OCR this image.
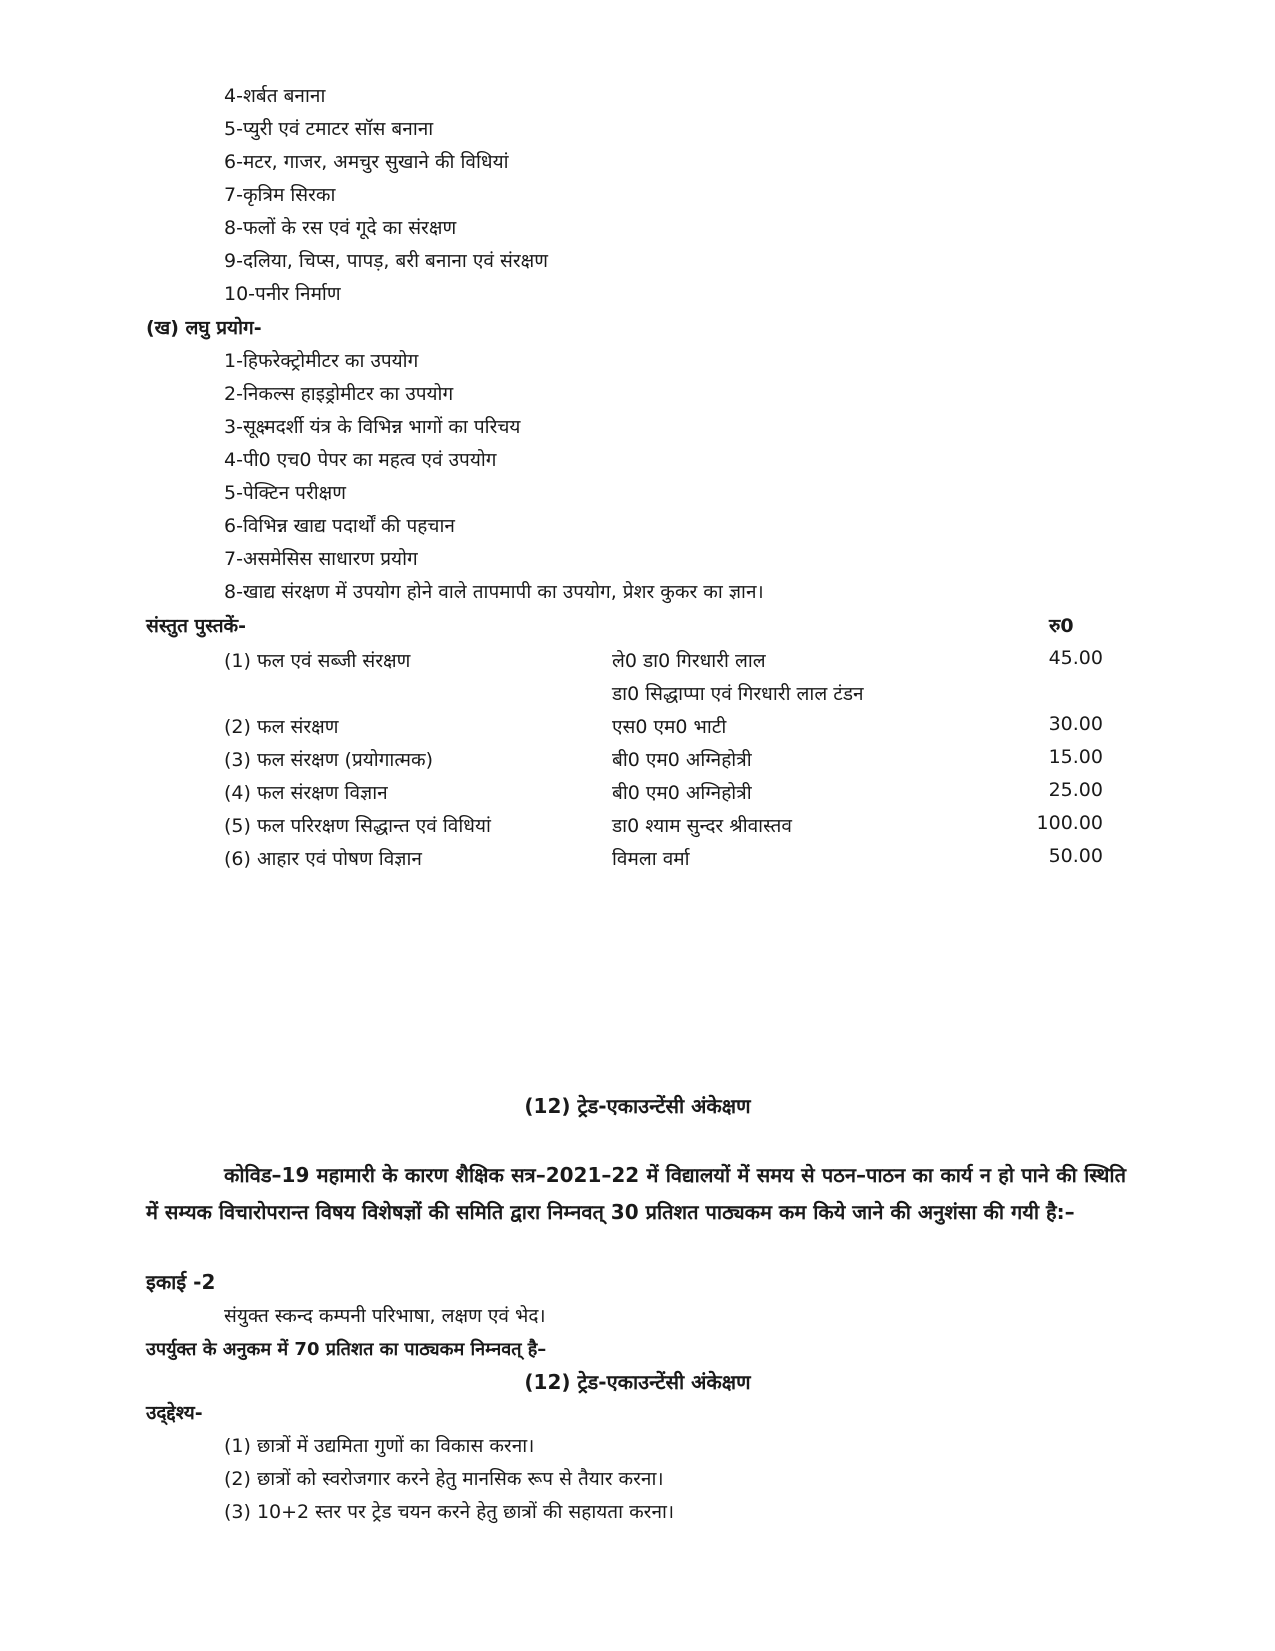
4-शर्बत बनाना
5-प्युरी एवं टमाटर सॉस बनाना
6-मटर, गाजर, अमचुर सुखाने की विधियां
7-कृत्रिम सिरका
8-फलों के रस एवं गूदे का संरक्षण
9-दलिया, चिप्स, पापड़, बरी बनाना एवं संरक्षण
10-पनीर निर्माण
(ख) लघु प्रयोग-
1-हिफरेक्ट्रोमीटर का उपयोग
2-निकल्स हाइड्रोमीटर का उपयोग
3-सूक्ष्मदर्शी यंत्र के विभिन्न भागों का परिचय
4-पी0 एच0 पेपर का महत्व एवं उपयोग
5-पेक्टिन परीक्षण
6-विभिन्न खाद्य पदार्थों की पहचान
7-असमेसिस साधारण प्रयोग
8-खाद्य संरक्षण में उपयोग होने वाले तापमापी का उपयोग, प्रेशर कुकर का ज्ञान।
संस्तुत पुस्तकें-	रु0
(1) फल एवं सब्जी संरक्षण	ले0 डा0 गिरधारी लाल	45.00
डा0 सिद्धाप्पा एवं गिरधारी लाल टंडन
(2) फल संरक्षण	एस0 एम0 भाटी	30.00
(3) फल संरक्षण (प्रयोगात्मक)	बी0 एम0 अग्निहोत्री	15.00
(4) फल संरक्षण विज्ञान	बी0 एम0 अग्निहोत्री	25.00
(5) फल परिरक्षण सिद्धान्त एवं विधियां	डा0 श्याम सुन्दर श्रीवास्तव	100.00
(6) आहार एवं पोषण विज्ञान	विमला वर्मा	50.00
(12) ट्रेड-एकाउन्टेंसी अंकेक्षण
कोविड–19 महामारी के कारण शैक्षिक सत्र–2021–22 में विद्यालयों में समय से पठन–पाठन का कार्य न हो पाने की स्थिति में सम्यक विचारोपरान्त विषय विशेषज्ञों की समिति द्वारा निम्नवत् 30 प्रतिशत पाठ्यकम कम किये जाने की अनुशंसा की गयी है:–
इकाई -2
संयुक्त स्कन्द कम्पनी परिभाषा, लक्षण एवं भेद।
उपर्युक्त के अनुकम में 70 प्रतिशत का पाठ्यकम निम्नवत् है–
(12) ट्रेड-एकाउन्टेंसी अंकेक्षण
उद्‌द्देश्य-
(1) छात्रों में उद्यमिता गुणों का विकास करना।
(2) छात्रों को स्वरोजगार करने हेतु मानसिक रूप से तैयार करना।
(3) 10+2 स्तर पर ट्रेड चयन करने हेतु छात्रों की सहायता करना।
